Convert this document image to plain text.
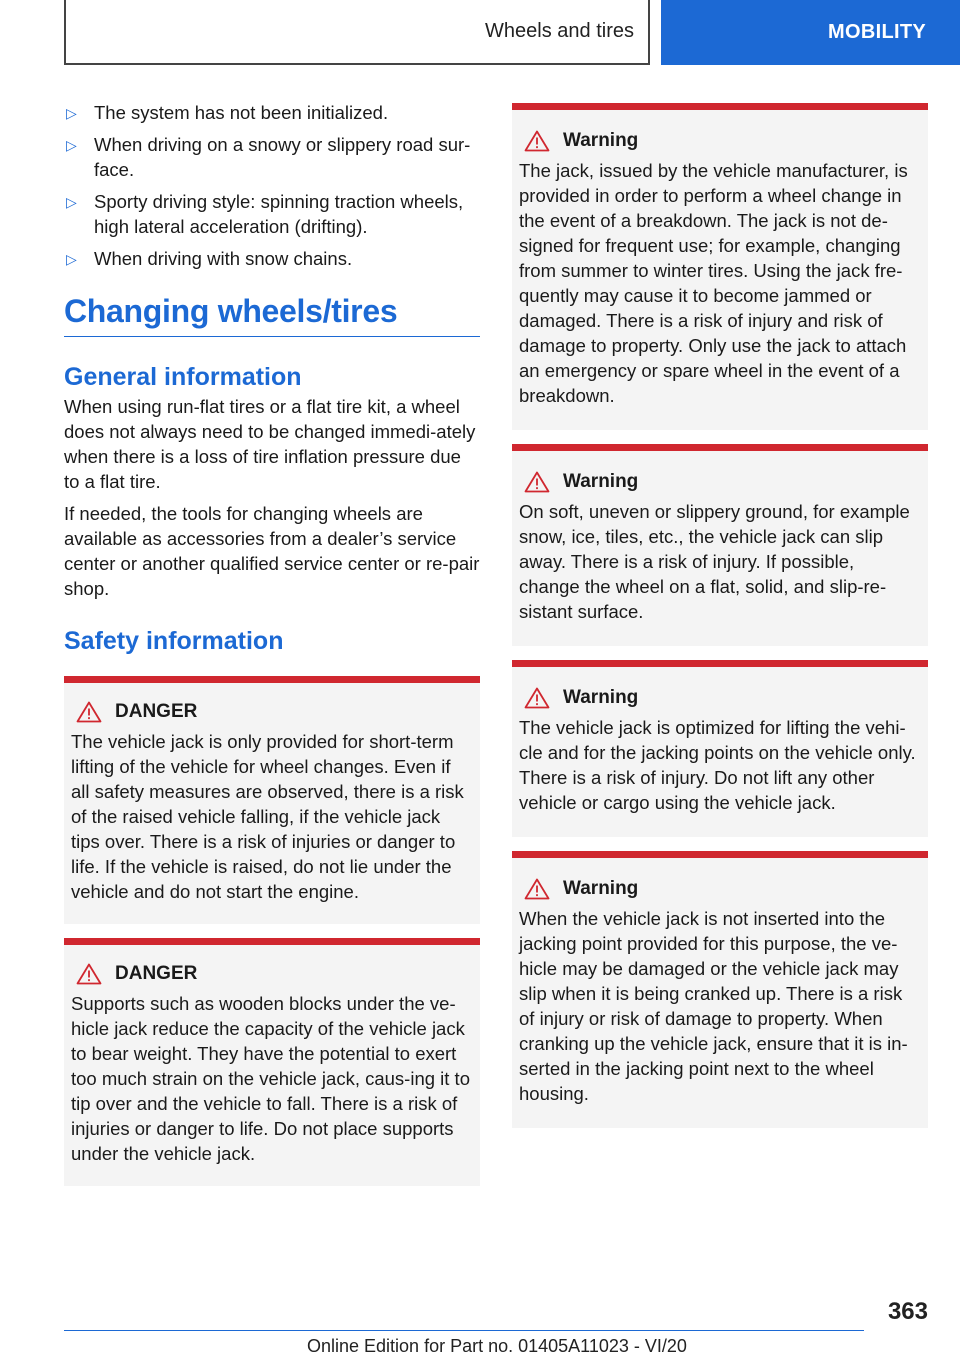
Wheels and tires	MOBILITY
▷ The system has not been initialized.
▷ When driving on a snowy or slippery road sur-face.
▷ Sporty driving style: spinning traction wheels, high lateral acceleration (drifting).
▷ When driving with snow chains.
Changing wheels/tires
General information

When using run-flat tires or a flat tire kit, a wheel does not always need to be changed immedi-ately when there is a loss of tire inflation pressure due to a flat tire.

If needed, the tools for changing wheels are available as accessories from a dealer’s service center or another qualified service center or re-pair shop.

Safety information
DANGER

The vehicle jack is only provided for short-term lifting of the vehicle for wheel changes. Even if all safety measures are observed, there is a risk of the raised vehicle falling, if the vehicle jack tips over. There is a risk of injuries or danger to life. If the vehicle is raised, do not lie under the vehicle and do not start the engine.

DANGER

Supports such as wooden blocks under the ve-hicle jack reduce the capacity of the vehicle jack to bear weight. They have the potential to exert too much strain on the vehicle jack, caus-ing it to tip over and the vehicle to fall. There is a risk of injuries or danger to life. Do not place supports under the vehicle jack.

Warning

The jack, issued by the vehicle manufacturer, is provided in order to perform a wheel change in the event of a breakdown. The jack is not de-signed for frequent use; for example, changing from summer to winter tires. Using the jack fre-quently may cause it to become jammed or damaged. There is a risk of injury and risk of damage to property. Only use the jack to attach an emergency or spare wheel in the event of a breakdown.

Warning

On soft, uneven or slippery ground, for example snow, ice, tiles, etc., the vehicle jack can slip away. There is a risk of injury. If possible, change the wheel on a flat, solid, and slip-re-sistant surface.

Warning

The vehicle jack is optimized for lifting the vehi-cle and for the jacking points on the vehicle only. There is a risk of injury. Do not lift any other vehicle or cargo using the vehicle jack.

Warning

When the vehicle jack is not inserted into the jacking point provided for this purpose, the ve-hicle may be damaged or the vehicle jack may slip when it is being cranked up. There is a risk of injury or risk of damage to property. When cranking up the vehicle jack, ensure that it is in-serted in the jacking point next to the wheel housing.

363
Online Edition for Part no. 01405A11023 - VI/20
